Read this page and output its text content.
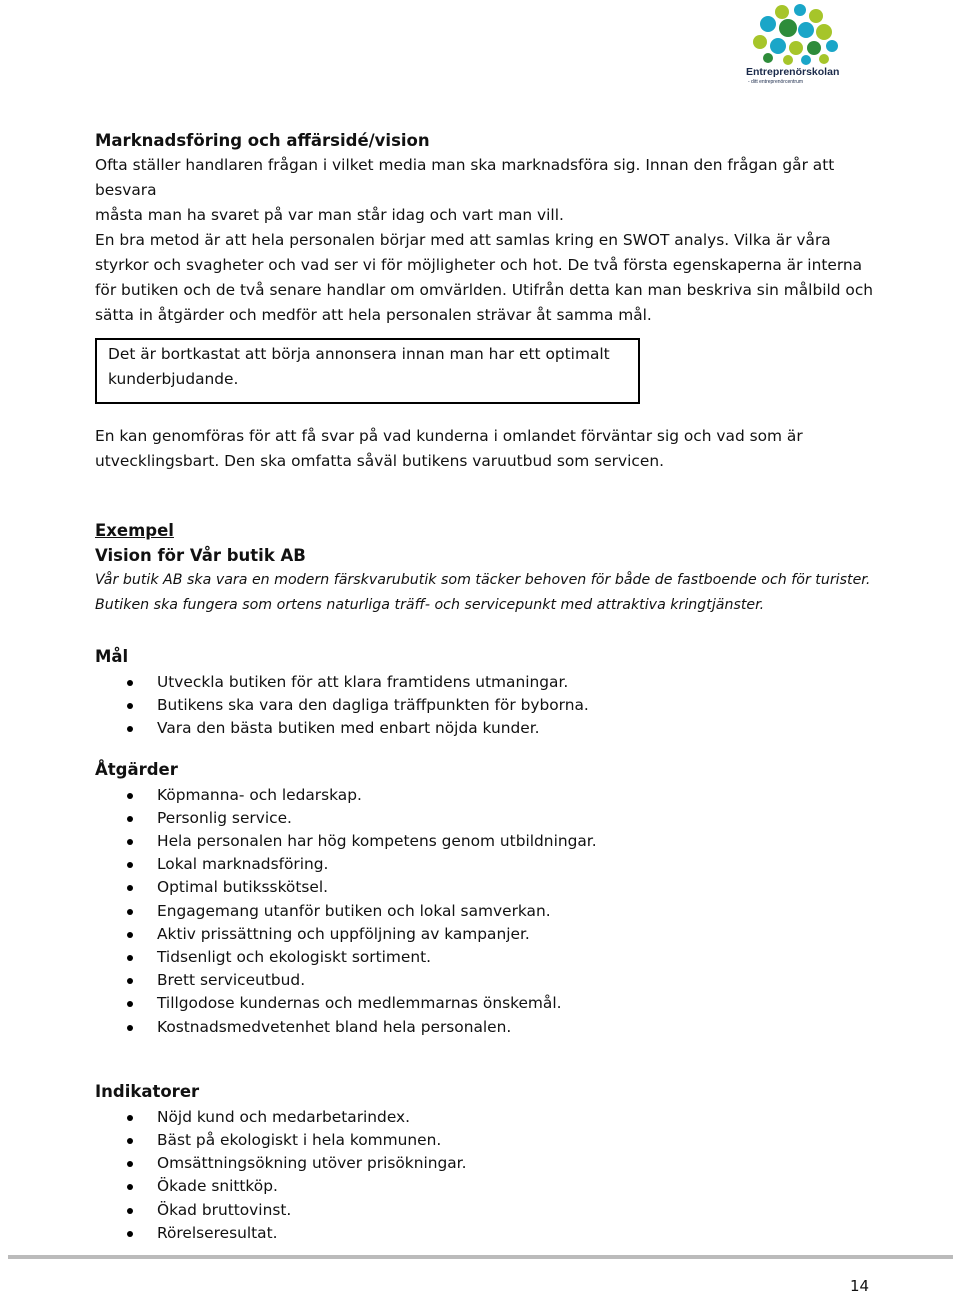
Entreprenörskolan
- ditt entreprenörcentrum
Marknadsföring och affärsidé/vision

Ofta ställer handlaren frågan i vilket media man ska marknadsföra sig. Innan den frågan går att besvara
måsta man ha svaret på var man står idag och vart man vill.
En bra metod är att hela personalen börjar med att samlas kring en SWOT analys. Vilka är våra
styrkor och svagheter och vad ser vi för möjligheter och hot. De två första egenskaperna är interna
för butiken och de två senare handlar om omvärlden. Utifrån detta kan man beskriva sin målbild och
sätta in åtgärder och medför att hela personalen strävar åt samma mål.

Det är bortkastat att börja annonsera innan man har ett optimalt
kunderbjudande.

En kan genomföras för att få svar på vad kunderna i omlandet förväntar sig och vad som är
utvecklingsbart. Den ska omfatta såväl butikens varuutbud som servicen.

Exempel
Vision för Vår butik AB

Vår butik AB ska vara en modern färskvarubutik som täcker behoven för både de fastboende och för turister.
Butiken ska fungera som ortens naturliga träff- och servicepunkt med attraktiva kringtjänster.

Mål
Utveckla butiken för att klara framtidens utmaningar.
Butikens ska vara den dagliga träffpunkten för byborna.
Vara den bästa butiken med enbart nöjda kunder.
Åtgärder
Köpmanna- och ledarskap.
Personlig service.
Hela personalen har hög kompetens genom utbildningar.
Lokal marknadsföring.
Optimal butiksskötsel.
Engagemang utanför butiken och lokal samverkan.
Aktiv prissättning och uppföljning av kampanjer.
Tidsenligt och ekologiskt sortiment.
Brett serviceutbud.
Tillgodose kundernas och medlemmarnas önskemål.
Kostnadsmedvetenhet bland hela personalen.
Indikatorer
Nöjd kund och medarbetarindex.
Bäst på ekologiskt i hela kommunen.
Omsättningsökning utöver prisökningar.
Ökade snittköp.
Ökad bruttovinst.
Rörelseresultat.
14
